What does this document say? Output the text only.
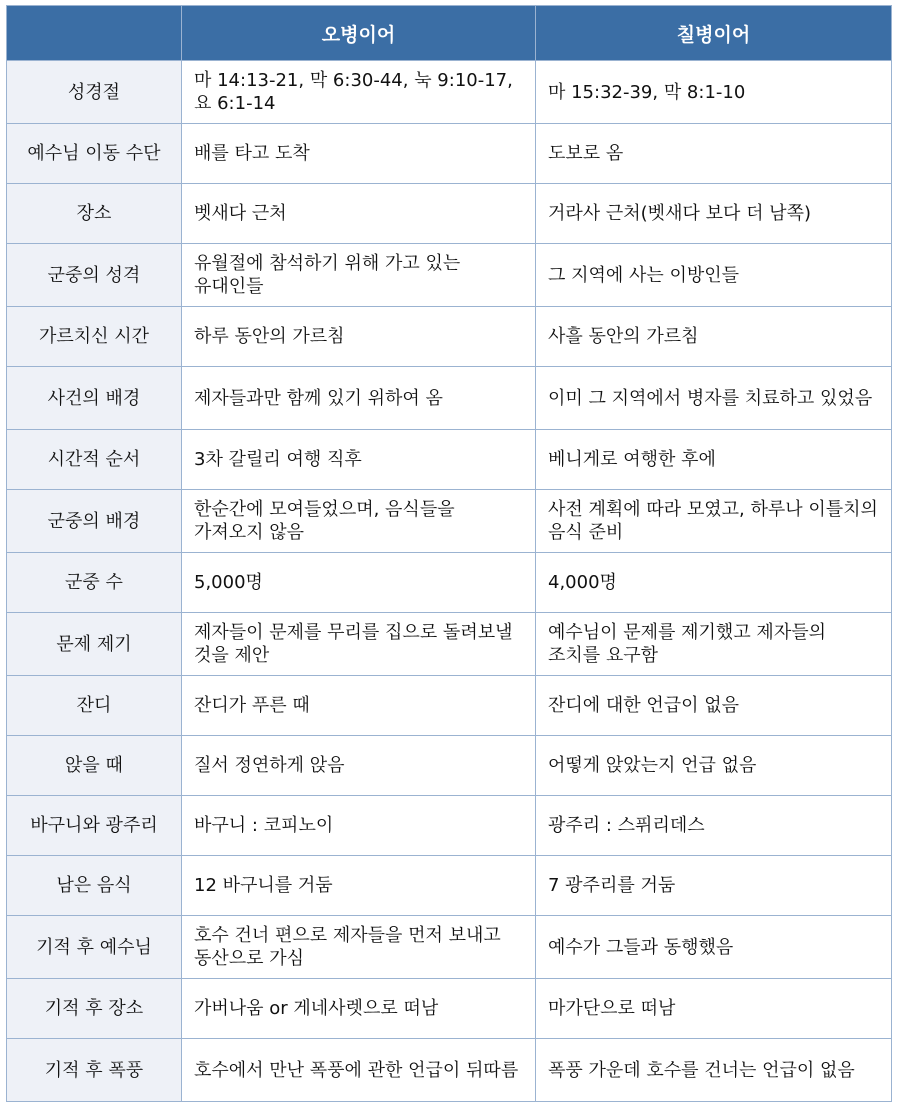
	오병이어	칠병이어
성경절	마 14:13-21, 막 6:30-44, 눅 9:10-17, 요 6:1-14	마 15:32-39, 막 8:1-10
예수님 이동 수단	배를 타고 도착	도보로 옴
장소	벳새다 근처	거라사 근처(벳새다 보다 더 남쪽)
군중의 성격	유월절에 참석하기 위해 가고 있는 유대인들	그 지역에 사는 이방인들
가르치신 시간	하루 동안의 가르침	사흘 동안의 가르침
사건의 배경	제자들과만 함께 있기 위하여 옴	이미 그 지역에서 병자를 치료하고 있었음
시간적 순서	3차 갈릴리 여행 직후	베니게로 여행한 후에
군중의 배경	한순간에 모여들었으며, 음식들을 가져오지 않음	사전 계획에 따라 모였고, 하루나 이틀치의 음식 준비
군중 수	5,000명	4,000명
문제 제기	제자들이 문제를 무리를 집으로 돌려보낼 것을 제안	예수님이 문제를 제기했고 제자들의 조치를 요구함
잔디	잔디가 푸른 때	잔디에 대한 언급이 없음
앉을 때	질서 정연하게 앉음	어떻게 앉았는지 언급 없음
바구니와 광주리	바구니 : 코피노이	광주리 : 스퓌리데스
남은 음식	12 바구니를 거둠	7 광주리를 거둠
기적 후 예수님	호수 건너 편으로 제자들을 먼저 보내고 동산으로 가심	예수가 그들과 동행했음
기적 후 장소	가버나움 or 게네사렛으로 떠남	마가단으로 떠남
기적 후 폭풍	호수에서 만난 폭풍에 관한 언급이 뒤따름	폭풍 가운데 호수를 건너는 언급이 없음
